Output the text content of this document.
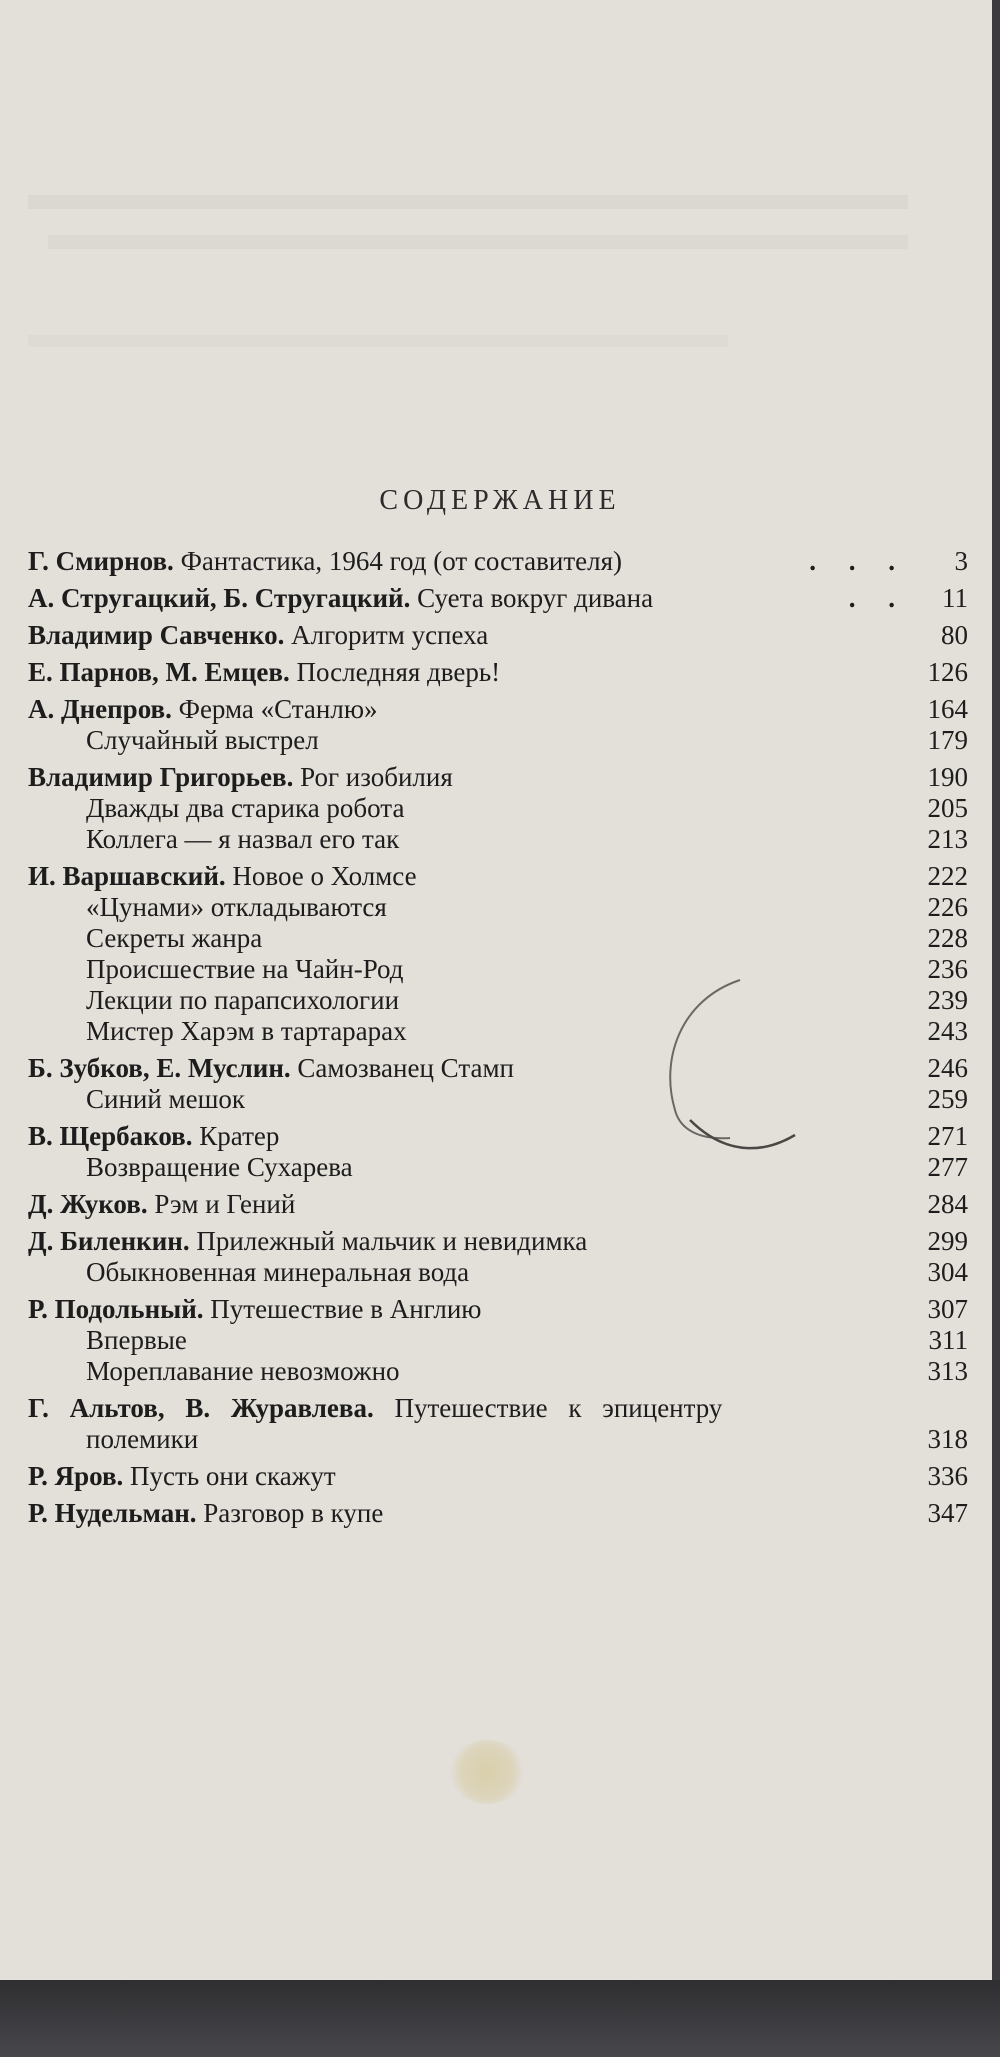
СОДЕРЖАНИЕ
Г. Смирнов. Фантастика, 1964 год (от составителя)	. . . 3
А. Стругацкий, Б. Стругацкий. Суета вокруг дивана	. . 11
Владимир Савченко. Алгоритм успеха	80
Е. Парнов, М. Емцев. Последняя дверь!	126
А. Днепров. Ферма «Станлю»	164
Случайный выстрел	179
Владимир Григорьев. Рог изобилия	190
Дважды два старика робота	205
Коллега — я назвал его так	213
И. Варшавский. Новое о Холмсе	222
«Цунами» откладываются	226
Секреты жанра	228
Происшествие на Чайн-Род	236
Лекции по парапсихологии	239
Мистер Харэм в тартарарах	243
Б. Зубков, Е. Муслин. Самозванец Стамп	246
Синий мешок	259
В. Щербаков. Кратер	271
Возвращение Сухарева	277
Д. Жуков. Рэм и Гений	284
Д. Биленкин. Прилежный мальчик и невидимка	299
Обыкновенная минеральная вода	304
Р. Подольный. Путешествие в Англию	307
Впервые	311
Мореплавание невозможно	313
Г. Альтов, В. Журавлева. Путешествие к эпицентру
полемики	318
Р. Яров. Пусть они скажут	336
Р. Нудельман. Разговор в купе	347
